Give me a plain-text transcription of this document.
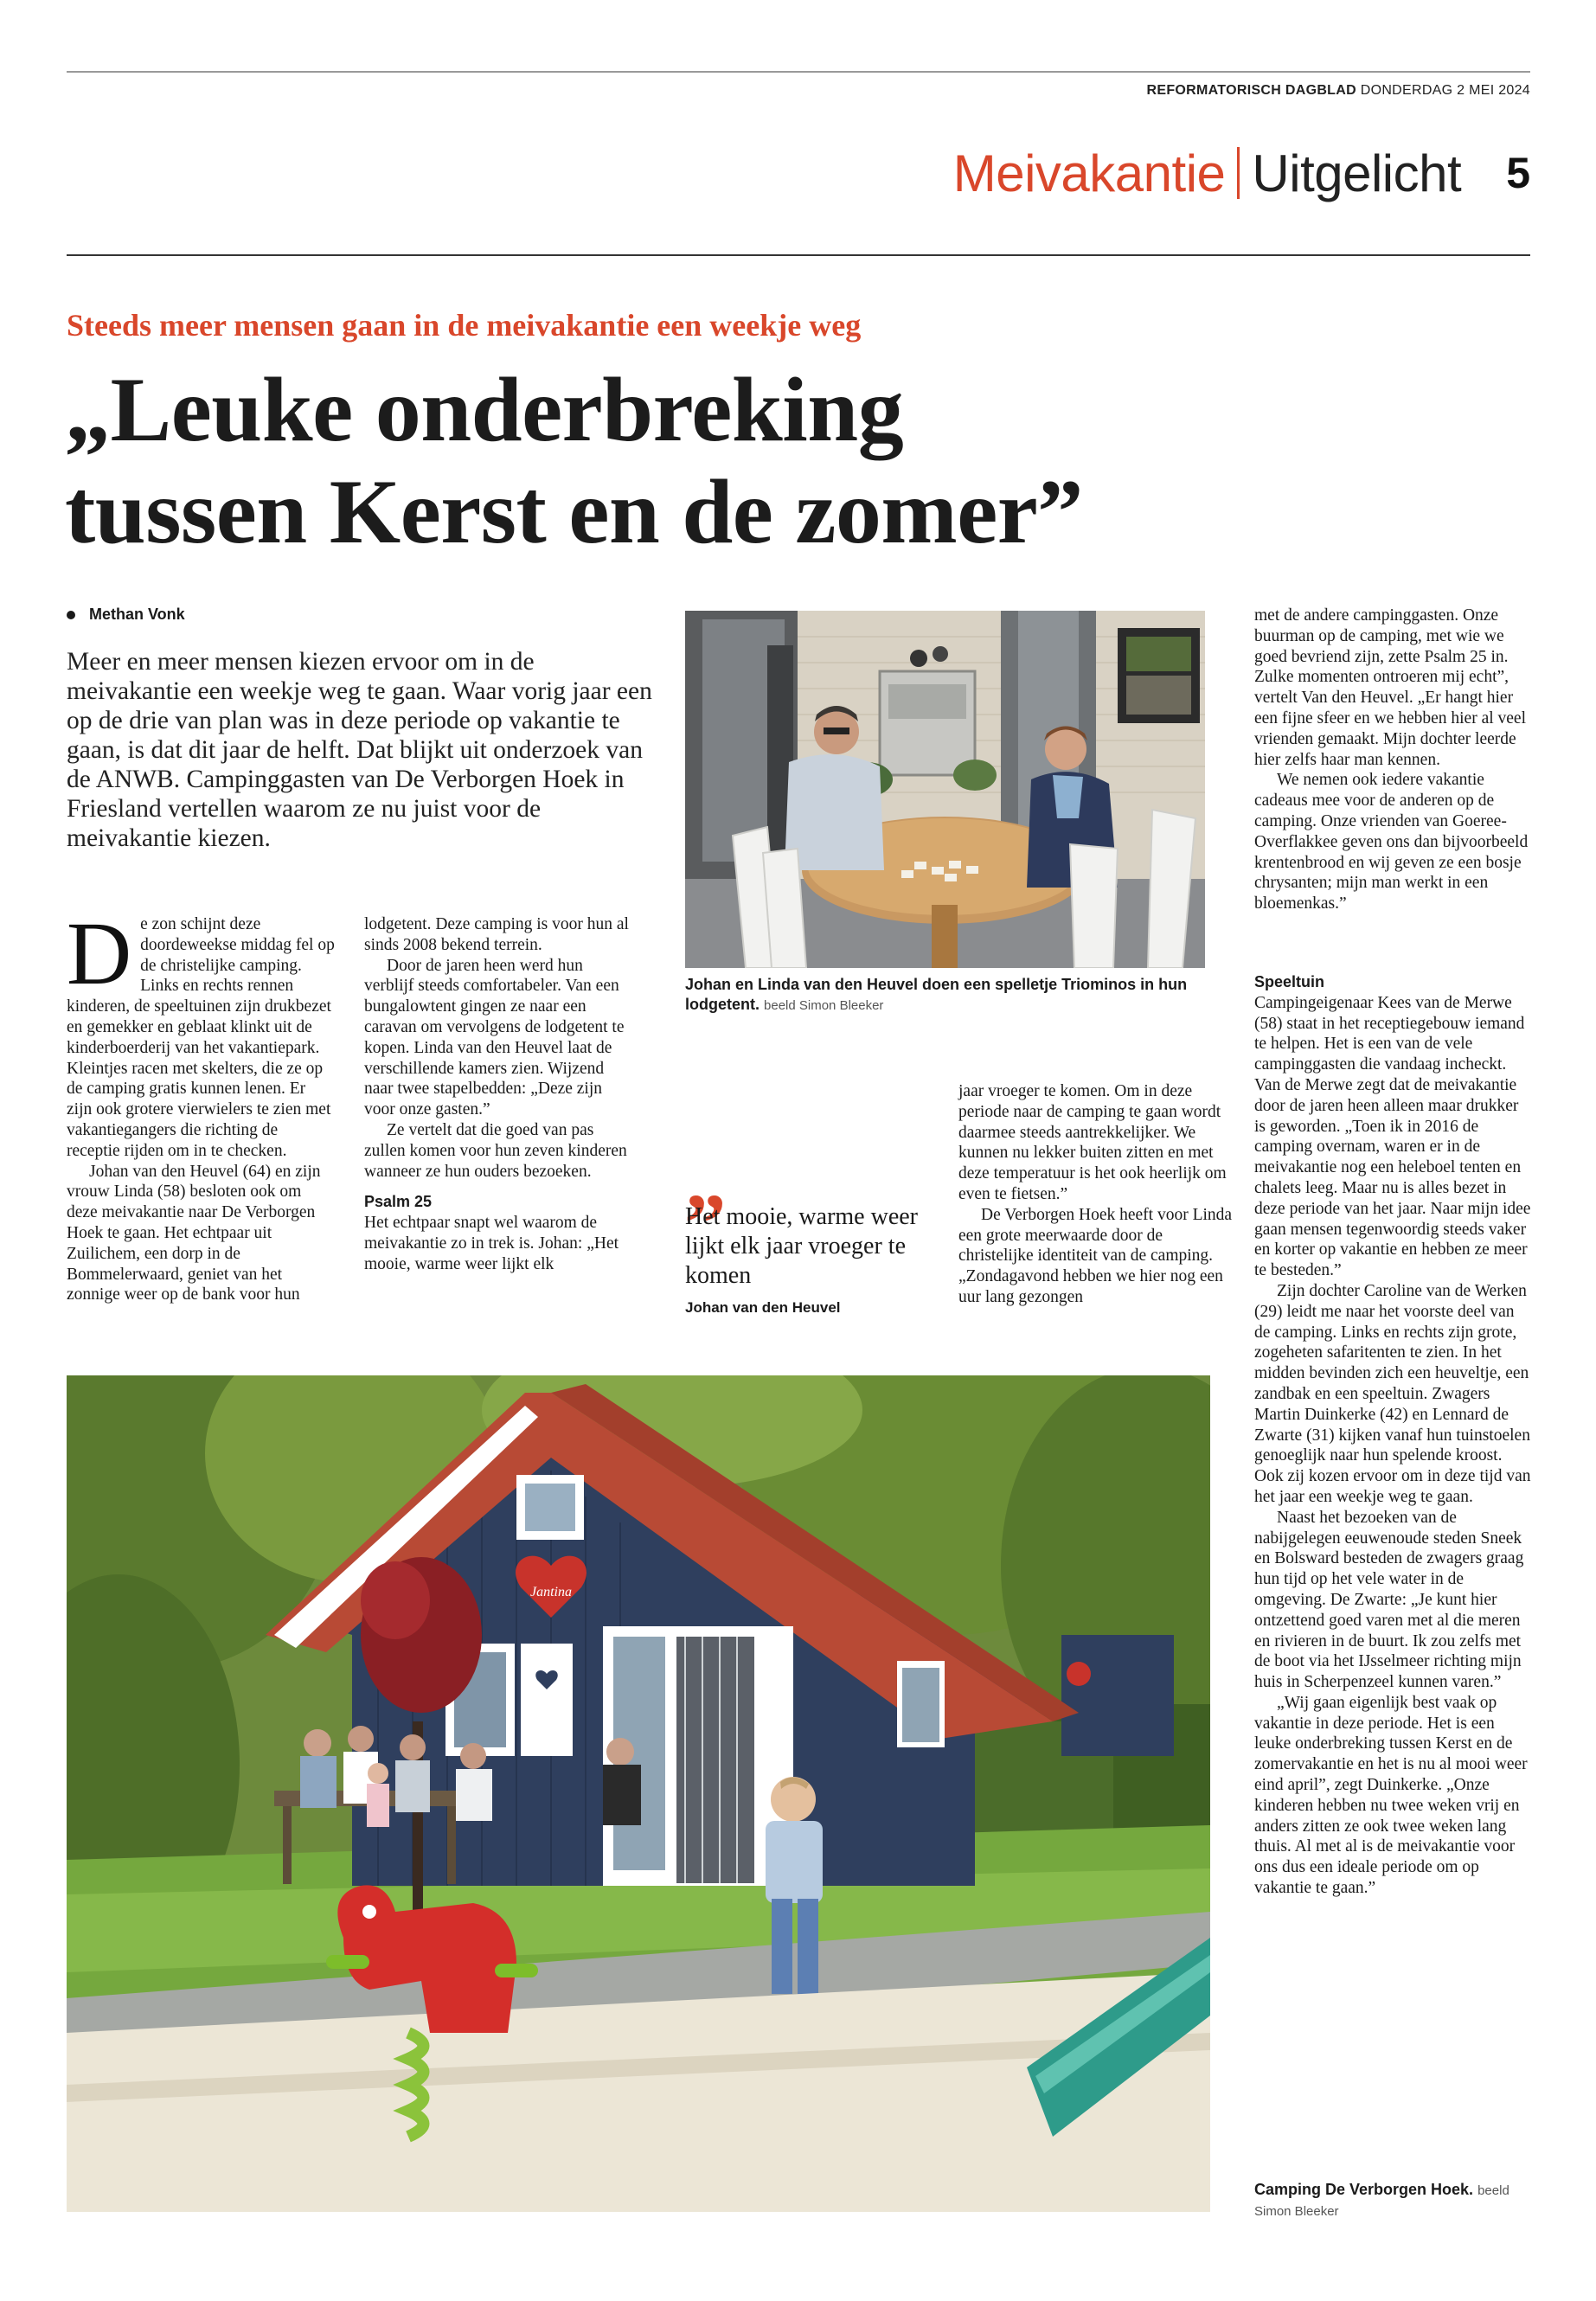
REFORMATORISCH DAGBLAD DONDERDAG 2 MEI 2024
Meivakantie Uitgelicht 5
Steeds meer mensen gaan in de meivakantie een weekje weg
„Leuke onderbreking
tussen Kerst en de zomer”
Methan Vonk

Meer en meer mensen kiezen ervoor om in de meivakantie een weekje weg te gaan. Waar vorig jaar een op de drie van plan was in deze periode op vakantie te gaan, is dat dit jaar de helft. Dat blijkt uit onderzoek van de ANWB. Campinggasten van De Verborgen Hoek in Friesland vertellen waarom ze nu juist voor de meivakantie kiezen.

De zon schijnt deze doordeweekse middag fel op de christelijke camping. Links en rechts rennen kinderen, de speeltuinen zijn drukbezet en gemekker en geblaat klinkt uit de kinderboerderij van het vakantiepark. Kleintjes racen met skelters, die ze op de camping gratis kunnen lenen. Er zijn ook grotere vierwielers te zien met vakantiegangers die richting de receptie rijden om in te checken.

Johan van den Heuvel (64) en zijn vrouw Linda (58) besloten ook om deze meivakantie naar De Verborgen Hoek te gaan. Het echtpaar uit Zuilichem, een dorp in de Bommelerwaard, geniet van het zonnige weer op de bank voor hun

lodgetent. Deze camping is voor hun al sinds 2008 bekend terrein.

Door de jaren heen werd hun verblijf steeds comfortabeler. Van een bungalowtent gingen ze naar een caravan om vervolgens de lodgetent te kopen. Linda van den Heuvel laat de verschillende kamers zien. Wijzend naar twee stapelbedden: „Deze zijn voor onze gasten.”

Ze vertelt dat die goed van pas zullen komen voor hun zeven kinderen wanneer ze hun ouders bezoeken.

Psalm 25

Het echtpaar snapt wel waarom de meivakantie zo in trek is. Johan: „Het mooie, warme weer lijkt elk

Johan en Linda van den Heuvel doen een spelletje Triominos in hun lodgetent. beeld Simon Bleeker
„
Het mooie, warme weer lijkt elk jaar vroeger te komen
Johan van den Heuvel

jaar vroeger te komen. Om in deze periode naar de camping te gaan wordt daarmee steeds aantrekkelijker. We kunnen nu lekker buiten zitten en met deze temperatuur is het ook heerlijk om even te fietsen.”

De Verborgen Hoek heeft voor Linda een grote meerwaarde door de christelijke identiteit van de camping. „Zondagavond hebben we hier nog een uur lang gezongen

met de andere campinggasten. Onze buurman op de camping, met wie we goed bevriend zijn, zette Psalm 25 in. Zulke momenten ontroeren mij echt”, vertelt Van den Heuvel. „Er hangt hier een fijne sfeer en we hebben hier al veel vrienden gemaakt. Mijn dochter leerde hier zelfs haar man kennen.

We nemen ook iedere vakantie cadeaus mee voor de anderen op de camping. Onze vrienden van Goeree-Overflakkee geven ons dan bijvoorbeeld krentenbrood en wij geven ze een bosje chrysanten; mijn man werkt in een bloemenkas.”

Speeltuin

Campingeigenaar Kees van de Merwe (58) staat in het receptiegebouw iemand te helpen. Het is een van de vele campinggasten die vandaag incheckt. Van de Merwe zegt dat de meivakantie door de jaren heen alleen maar drukker is geworden. „Toen ik in 2016 de camping overnam, waren er in de meivakantie nog een heleboel tenten en chalets leeg. Maar nu is alles bezet in deze periode van het jaar. Naar mijn idee gaan mensen tegenwoordig steeds vaker en korter op vakantie en hebben ze meer te besteden.”

Zijn dochter Caroline van de Werken (29) leidt me naar het voorste deel van de camping. Links en rechts zijn grote, zogeheten safaritenten te zien. In het midden bevinden zich een heuveltje, een zandbak en een speeltuin. Zwagers Martin Duinkerke (42) en Lennard de Zwarte (31) kijken vanaf hun tuinstoelen genoeglijk naar hun spelende kroost. Ook zij kozen ervoor om in deze tijd van het jaar een weekje weg te gaan.

Naast het bezoeken van de nabijgelegen eeuwenoude steden Sneek en Bolsward besteden de zwagers graag hun tijd op het vele water in de omgeving. De Zwarte: „Je kunt hier ontzettend goed varen met al die meren en rivieren in de buurt. Ik zou zelfs met de boot via het IJsselmeer richting mijn huis in Scherpenzeel kunnen varen.”

„Wij gaan eigenlijk best vaak op vakantie in deze periode. Het is een leuke onderbreking tussen Kerst en de zomervakantie en het is nu al mooi weer eind april”, zegt Duinkerke. „Onze kinderen hebben nu twee weken vrij en anders zitten ze ook twee weken lang thuis. Al met al is de meivakantie voor ons dus een ideale periode om op vakantie te gaan.”

Jantina
Camping De Verborgen Hoek. beeld Simon Bleeker
